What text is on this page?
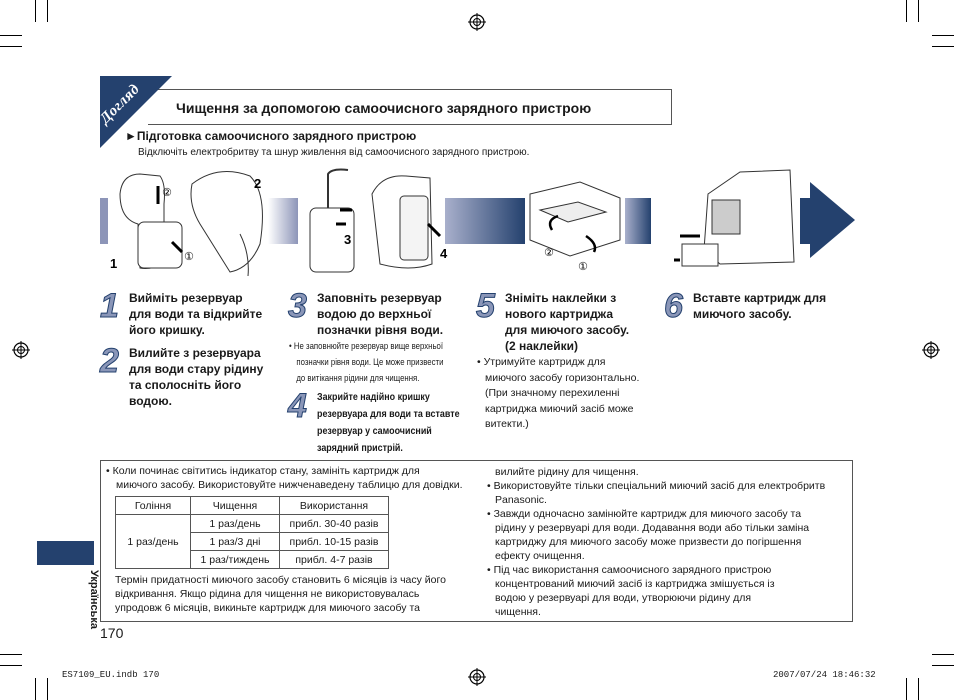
Догляд Чищення за допомогою самоочисного зарядного пристрою
►Підготовка самоочисного зарядного пристрою
Відключіть електробритву та шнур живлення від самоочисного зарядного пристрою.
1
2
3
4
②
①	②
①
1 Вийміть резервуар
для води та відкрийте
його кришку.
2 Вилийте з резервуара
для води стару рідину
та сполосніть його
водою.
3 Заповніть резервуар
водою до верхньої
позначки рівня води.
• Не заповнюйте резервуар вище верхньої
позначки рівня води. Це може призвести
до витікання рідини для чищення.
4 Закрийте надійно кришку
резервуара для води та вставте
резервуар у самоочисний
зарядний пристрій.
5 Зніміть наклейки з
нового картриджа
для миючого засобу.
(2 наклейки)
• Утримуйте картридж для
миючого засобу горизонтально.
(При значному перехиленні
картриджа миючий засіб може
витекти.)
6 Вставте картридж для
миючого засобу.
• Коли починає світитись індикатор стану, замініть картридж для
миючого засобу. Використовуйте нижченаведену таблицю для довідки.
Гоління	Чищення	Використання
1 раз/день	1 раз/день	прибл. 30-40 разів
	1 раз/3 дні	прибл. 10-15 разів
	1 раз/тиждень	прибл. 4-7 разів
Термін придатності миючого засобу становить 6 місяців із часу його
відкривання. Якщо рідина для чищення не використовувалась
упродовж 6 місяців, викиньте картридж для миючого засобу та
вилийте рідину для чищення.
• Використовуйте тільки спеціальний миючий засіб для електробритв
Panasonic.
• Завжди одночасно замінюйте картридж для миючого засобу та
рідину у резервуарі для води. Додавання води або тільки заміна
картриджу для миючого засобу може призвести до погіршення
ефекту очищення.
• Під час використання самоочисного зарядного пристрою
концентрований миючий засіб із картриджа змішується із
водою у резервуарі для води, утворюючи рідину для
чищення.
Українська
170
ES7109_EU.indb 170	2007/07/24 18:46:32
